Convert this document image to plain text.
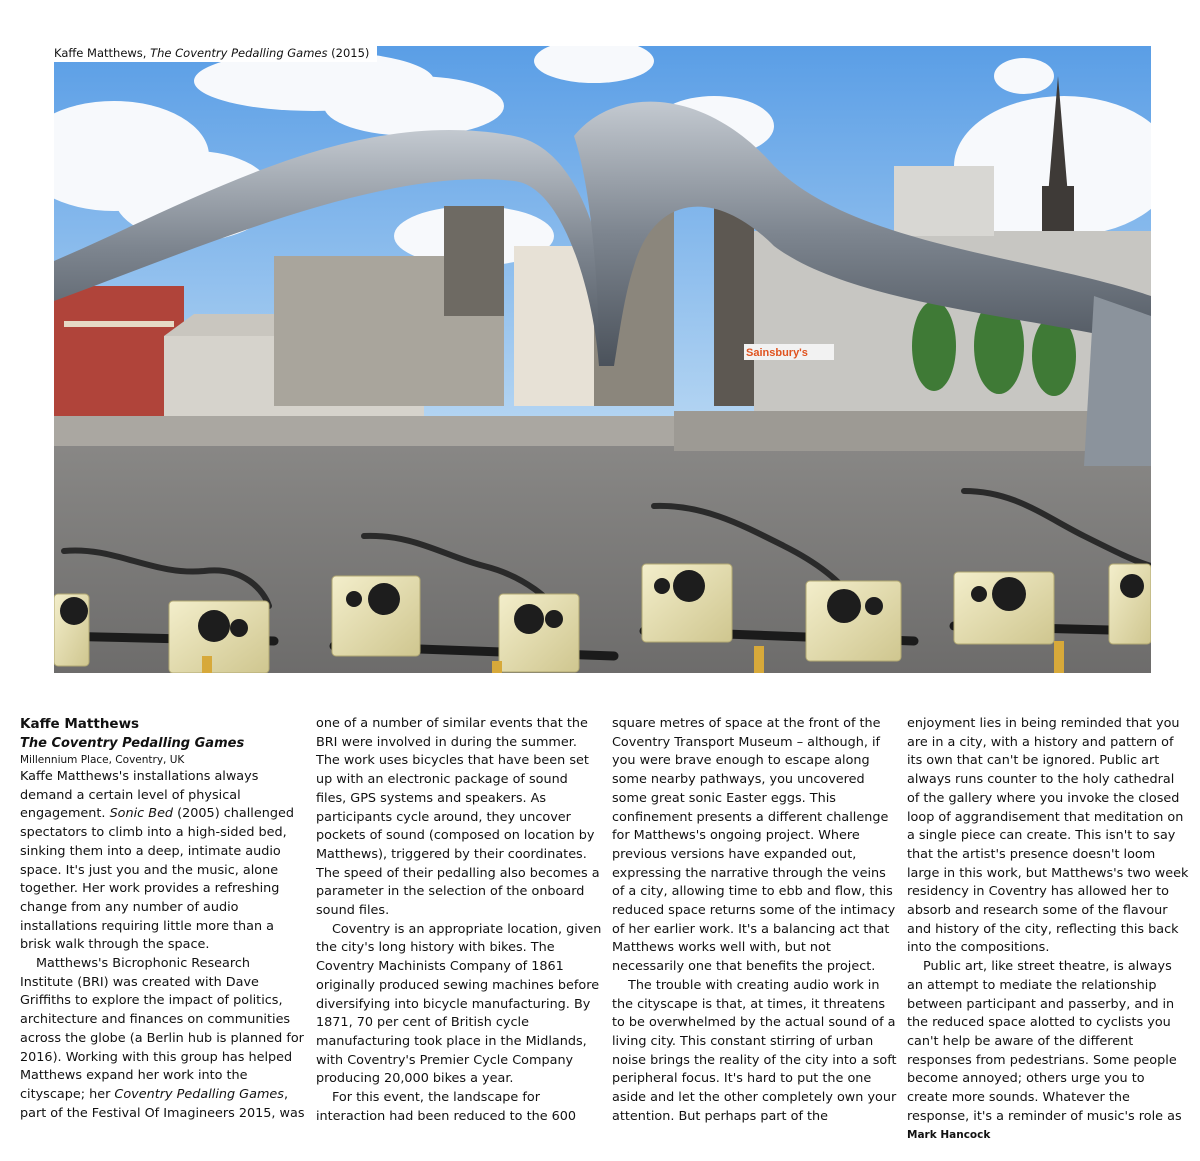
Kaffe Matthews, The Coventry Pedalling Games (2015)
Sainsbury's

Kaffe Matthews

The Coventry Pedalling Games

Millennium Place, Coventry, UK

Kaffe Matthews's installations always demand a certain level of physical engagement. Sonic Bed (2005) challenged spectators to climb into a high-sided bed, sinking them into a deep, intimate audio space. It's just you and the music, alone together. Her work provides a refreshing change from any number of audio installations requiring little more than a brisk walk through the space.

Matthews's Bicrophonic Research Institute (BRI) was created with Dave Griffiths to explore the impact of politics, architecture and finances on communities across the globe (a Berlin hub is planned for 2016). Working with this group has helped Matthews expand her work into the cityscape; her Coventry Pedalling Games, part of the Festival Of Imagineers 2015, was

one of a number of similar events that the BRI were involved in during the summer. The work uses bicycles that have been set up with an electronic package of sound files, GPS systems and speakers. As participants cycle around, they uncover pockets of sound (composed on location by Matthews), triggered by their coordinates. The speed of their pedalling also becomes a parameter in the selection of the onboard sound files.

Coventry is an appropriate location, given the city's long history with bikes. The Coventry Machinists Company of 1861 originally produced sewing machines before diversifying into bicycle manufacturing. By 1871, 70 per cent of British cycle manufacturing took place in the Midlands, with Coventry's Premier Cycle Company producing 20,000 bikes a year.

For this event, the landscape for interaction had been reduced to the 600

square metres of space at the front of the Coventry Transport Museum – although, if you were brave enough to escape along some nearby pathways, you uncovered some great sonic Easter eggs. This confinement presents a different challenge for Matthews's ongoing project. Where previous versions have expanded out, expressing the narrative through the veins of a city, allowing time to ebb and flow, this reduced space returns some of the intimacy of her earlier work. It's a balancing act that Matthews works well with, but not necessarily one that benefits the project.

The trouble with creating audio work in the cityscape is that, at times, it threatens to be overwhelmed by the actual sound of a living city. This constant stirring of urban noise brings the reality of the city into a soft peripheral focus. It's hard to put the one aside and let the other completely own your attention. But perhaps part of the

enjoyment lies in being reminded that you are in a city, with a history and pattern of its own that can't be ignored. Public art always runs counter to the holy cathedral of the gallery where you invoke the closed loop of aggrandisement that meditation on a single piece can create. This isn't to say that the artist's presence doesn't loom large in this work, but Matthews's two week residency in Coventry has allowed her to absorb and research some of the flavour and history of the city, reflecting this back into the compositions.

Public art, like street theatre, is always an attempt to mediate the relationship between participant and passerby, and in the reduced space alotted to cyclists you can't help be aware of the different responses from pedestrians. Some people become annoyed; others urge you to create more sounds. Whatever the response, it's a reminder of music's role as

Mark Hancock
